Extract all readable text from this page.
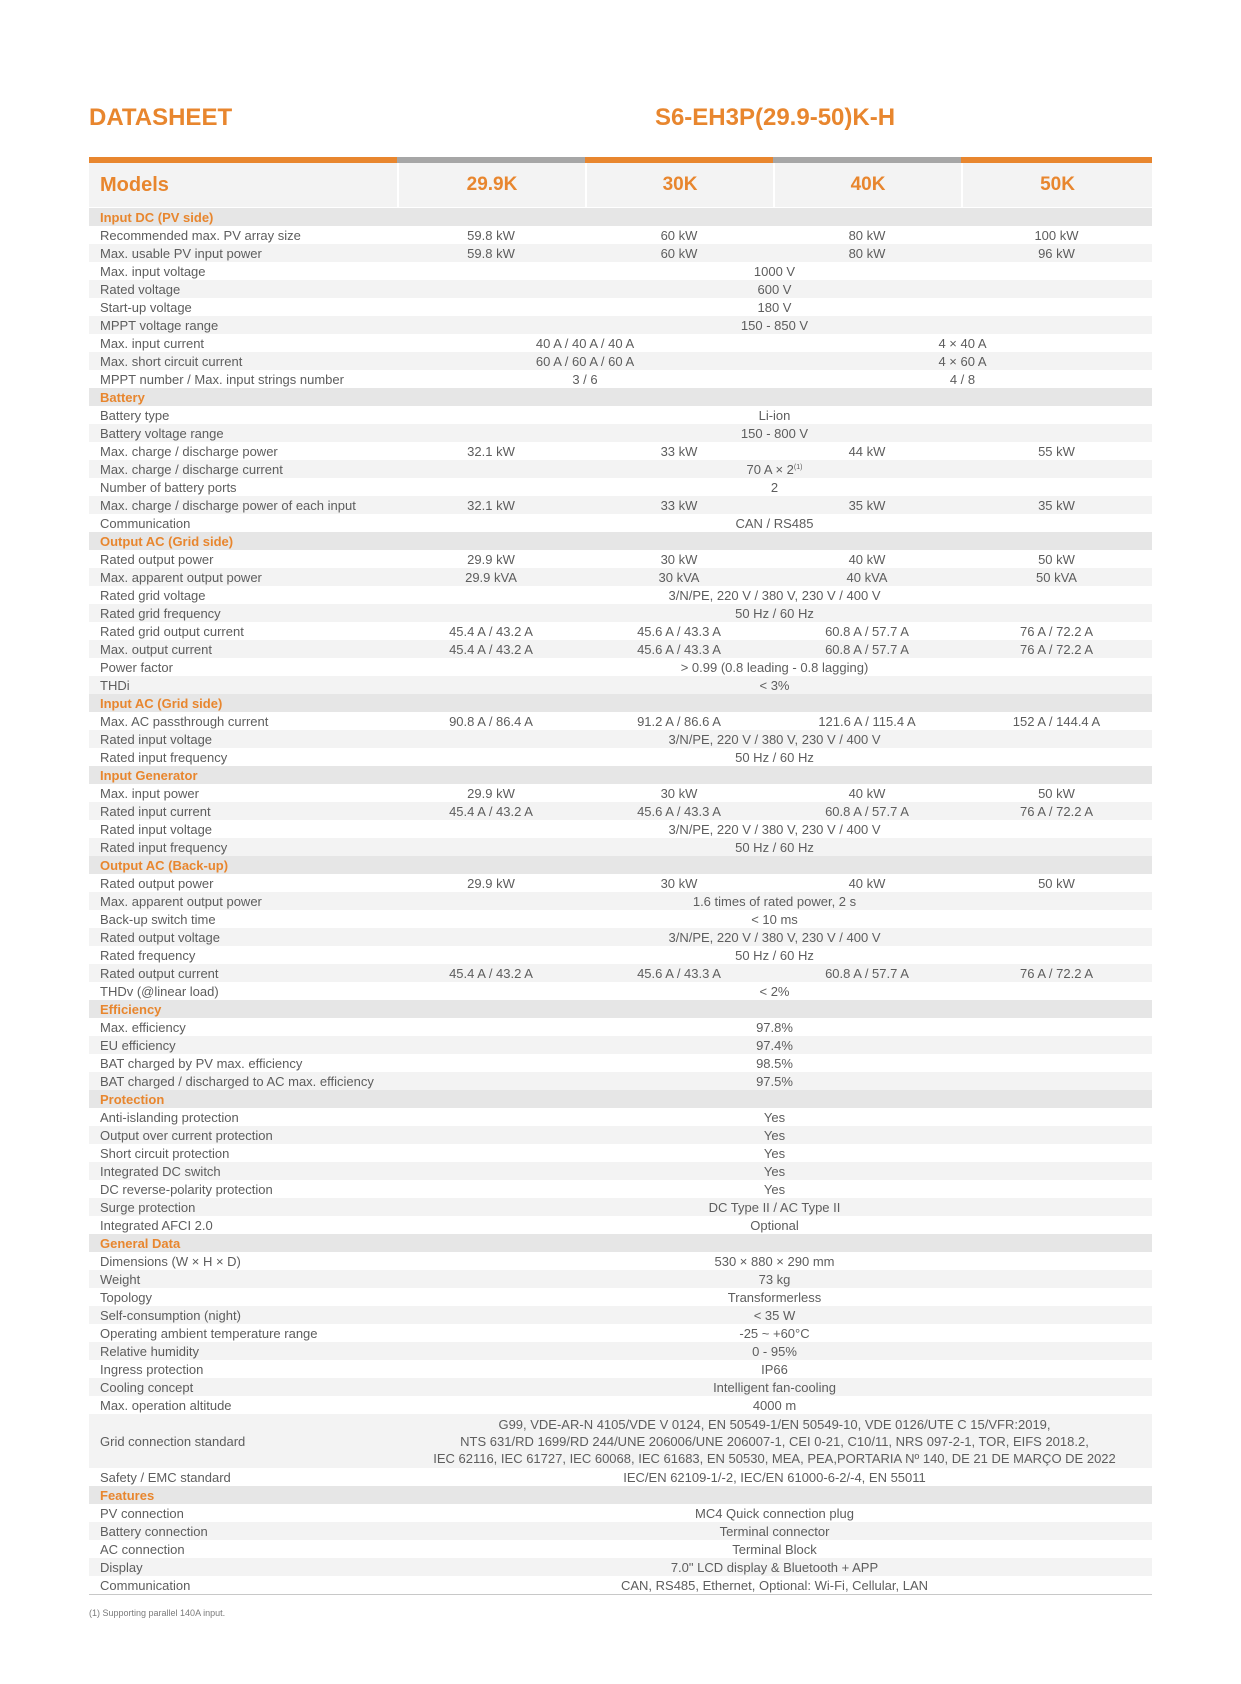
DATASHEET	S6-EH3P(29.9-50)K-H
Models	29.9K	30K	40K	50K
Input DC (PV side)
Recommended max. PV array size	59.8 kW	60 kW	80 kW	100 kW
Max. usable PV input power	59.8 kW	60 kW	80 kW	96 kW
Max. input voltage	1000 V
Rated voltage	600 V
Start-up voltage	180 V
MPPT voltage range	150 - 850 V
Max. input current	40 A / 40 A / 40 A	4 × 40 A
Max. short circuit current	60 A / 60 A / 60 A	4 × 60 A
MPPT number / Max. input strings number	3 / 6	4 / 8
Battery
Battery type	Li-ion
Battery voltage range	150 - 800 V
Max. charge / discharge power	32.1 kW	33 kW	44 kW	55 kW
Max. charge / discharge current	70 $A \times 2^{(1)}$
Number of battery ports	2
Max. charge / discharge power of each input	32.1 kW	33 kW	35 kW	35 kW
Communication	CAN / RS485
Output AC (Grid side)
Rated output power	29.9 kW	30 kW	40 kW	50 kW
Max. apparent output power	29.9 kVA	30 kVA	40 kVA	50 kVA
Rated grid voltage	3/N/PE, 220 V / 380 V, 230 V / 400 V
Rated grid frequency	50 Hz / 60 Hz
Rated grid output current	45.4 A / 43.2 A	45.6 A / 43.3 A	60.8 A / 57.7 A	76 A / 72.2 A
Max. output current	45.4 A / 43.2 A	45.6 A / 43.3 A	60.8 A / 57.7 A	76 A / 72.2 A
Power factor	> 0.99 (0.8 leading - 0.8 lagging)
THDi	< 3%
Input AC (Grid side)
Max. AC passthrough current	90.8 A / 86.4 A	91.2 A / 86.6 A	121.6 A / 115.4 A	152 A / 144.4 A
Rated input voltage	3/N/PE, 220 V / 380 V, 230 V / 400 V
Rated input frequency	50 Hz / 60 Hz
Input Generator
Max. input power	29.9 kW	30 kW	40 kW	50 kW
Rated input current	45.4 A / 43.2 A	45.6 A / 43.3 A	60.8 A / 57.7 A	76 A / 72.2 A
Rated input voltage	3/N/PE, 220 V / 380 V, 230 V / 400 V
Rated input frequency	50 Hz / 60 Hz
Output AC (Back-up)
Rated output power	29.9 kW	30 kW	40 kW	50 kW
Max. apparent output power	1.6 times of rated power, 2 s
Back-up switch time	< 10 ms
Rated output voltage	3/N/PE, 220 V / 380 V, 230 V / 400 V
Rated frequency	50 Hz / 60 Hz
Rated output current	45.4 A / 43.2 A	45.6 A / 43.3 A	60.8 A / 57.7 A	76 A / 72.2 A
THDv (@linear load)	< 2%
Efficiency
Max. efficiency	97.8%
EU efficiency	97.4%
BAT charged by PV max. efficiency	98.5%
BAT charged / discharged to AC max. efficiency	97.5%
Protection
Anti-islanding protection	Yes
Output over current protection	Yes
Short circuit protection	Yes
Integrated DC switch	Yes
DC reverse-polarity protection	Yes
Surge protection	DC Type II / AC Type II
Integrated AFCI 2.0	Optional
General Data
Dimensions (W × H × D)	530 × 880 × 290 mm
Weight	73 kg
Topology	Transformerless
Self-consumption (night)	< 35 W
Operating ambient temperature range	-25 ~ +60°C
Relative humidity	0 - 95%
Ingress protection	IP66
Cooling concept	Intelligent fan-cooling
Max. operation altitude	4000 m
Grid connection standard
G99, VDE-AR-N 4105/VDE V 0124, EN 50549-1/EN 50549-10, VDE 0126/UTE C 15/VFR:2019,
NTS 631/RD 1699/RD 244/UNE 206006/UNE 206007-1, CEI 0-21, C10/11, NRS 097-2-1, TOR, EIFS 2018.2,
IEC 62116, IEC 61727, IEC 60068, IEC 61683, EN 50530, MEA, PEA,PORTARIA Nº 140, DE 21 DE MARÇO DE 2022
Safety / EMC standard	IEC/EN 62109-1/-2, IEC/EN 61000-6-2/-4, EN 55011
Features
PV connection	MC4 Quick connection plug
Battery connection	Terminal connector
AC connection	Terminal Block
Display	7.0" LCD display & Bluetooth + APP
Communication	CAN, RS485, Ethernet, Optional: Wi-Fi, Cellular, LAN
(1) Supporting parallel 140A input.
